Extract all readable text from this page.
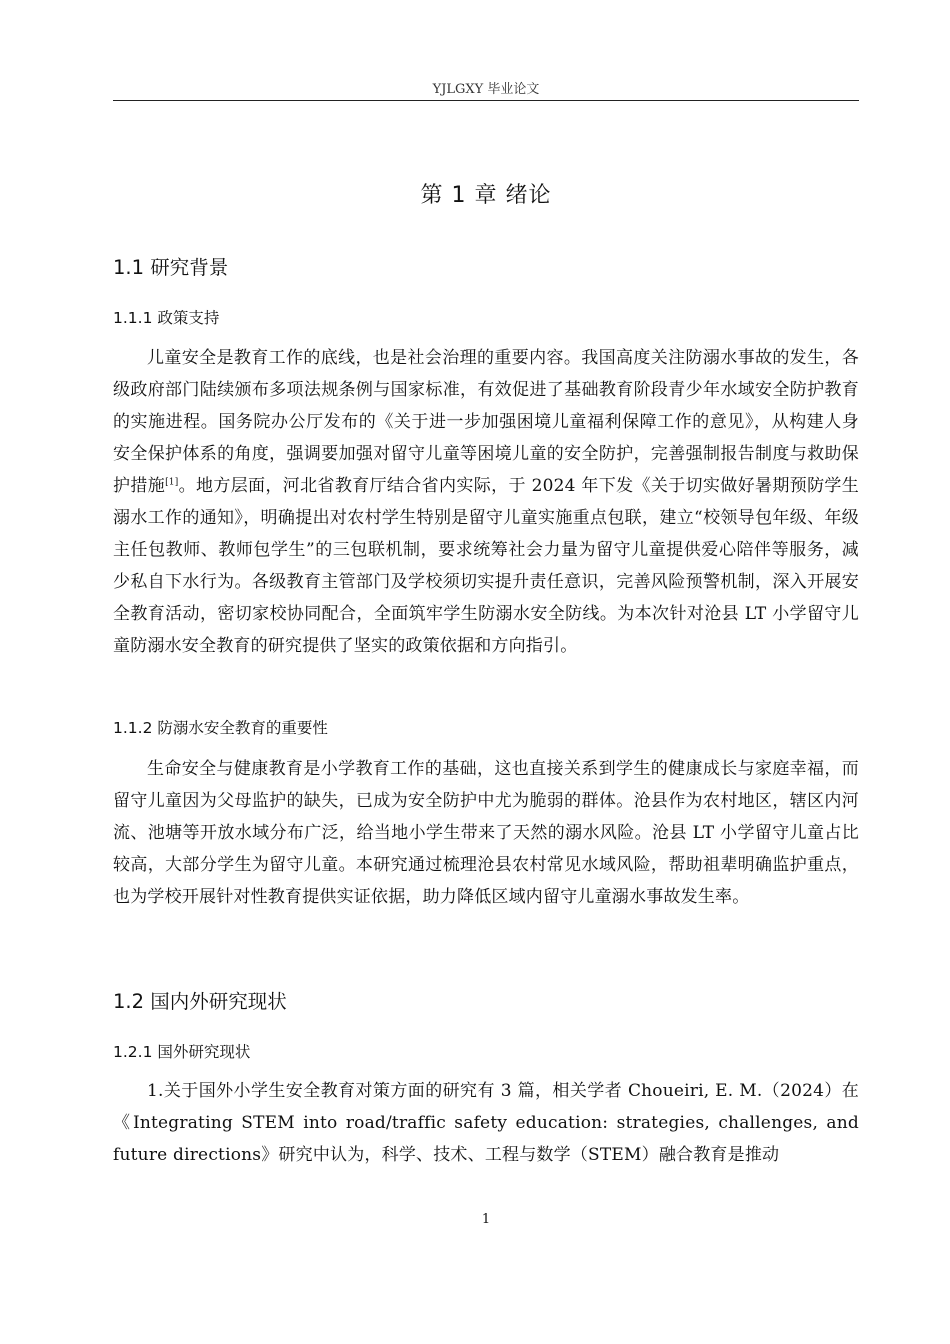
YJLGXY 毕业论文
第 1 章 绪论
1.1 研究背景
1.1.1 政策支持

儿童安全是教育工作的底线，也是社会治理的重要内容。我国高度关注防溺水事故的发生，各级政府部门陆续颁布多项法规条例与国家标准，有效促进了基础教育阶段青少年水域安全防护教育的实施进程。国务院办公厅发布的《关于进一步加强困境儿童福利保障工作的意见》，从构建人身安全保护体系的角度，强调要加强对留守儿童等困境儿童的安全防护，完善强制报告制度与救助保护措施[1]。地方层面，河北省教育厅结合省内实际，于 2024 年下发《关于切实做好暑期预防学生溺水工作的通知》，明确提出对农村学生特别是留守儿童实施重点包联，建立“校领导包年级、年级主任包教师、教师包学生”的三包联机制，要求统筹社会力量为留守儿童提供爱心陪伴等服务，减少私自下水行为。各级教育主管部门及学校须切实提升责任意识，完善风险预警机制，深入开展安全教育活动，密切家校协同配合，全面筑牢学生防溺水安全防线。为本次针对沧县 LT 小学留守儿童防溺水安全教育的研究提供了坚实的政策依据和方向指引。

1.1.2 防溺水安全教育的重要性

生命安全与健康教育是小学教育工作的基础，这也直接关系到学生的健康成长与家庭幸福，而留守儿童因为父母监护的缺失，已成为安全防护中尤为脆弱的群体。沧县作为农村地区，辖区内河流、池塘等开放水域分布广泛，给当地小学生带来了天然的溺水风险。沧县 LT 小学留守儿童占比较高，大部分学生为留守儿童。本研究通过梳理沧县农村常见水域风险，帮助祖辈明确监护重点，也为学校开展针对性教育提供实证依据，助力降低区域内留守儿童溺水事故发生率。

1.2 国内外研究现状
1.2.1 国外研究现状

1.关于国外小学生安全教育对策方面的研究有 3 篇，相关学者 Choueiri, E. M.（2024）在《Integrating STEM into road/traffic safety education: strategies, challenges, and future directions》研究中认为，科学、技术、工程与数学（STEM）融合教育是推动

1
